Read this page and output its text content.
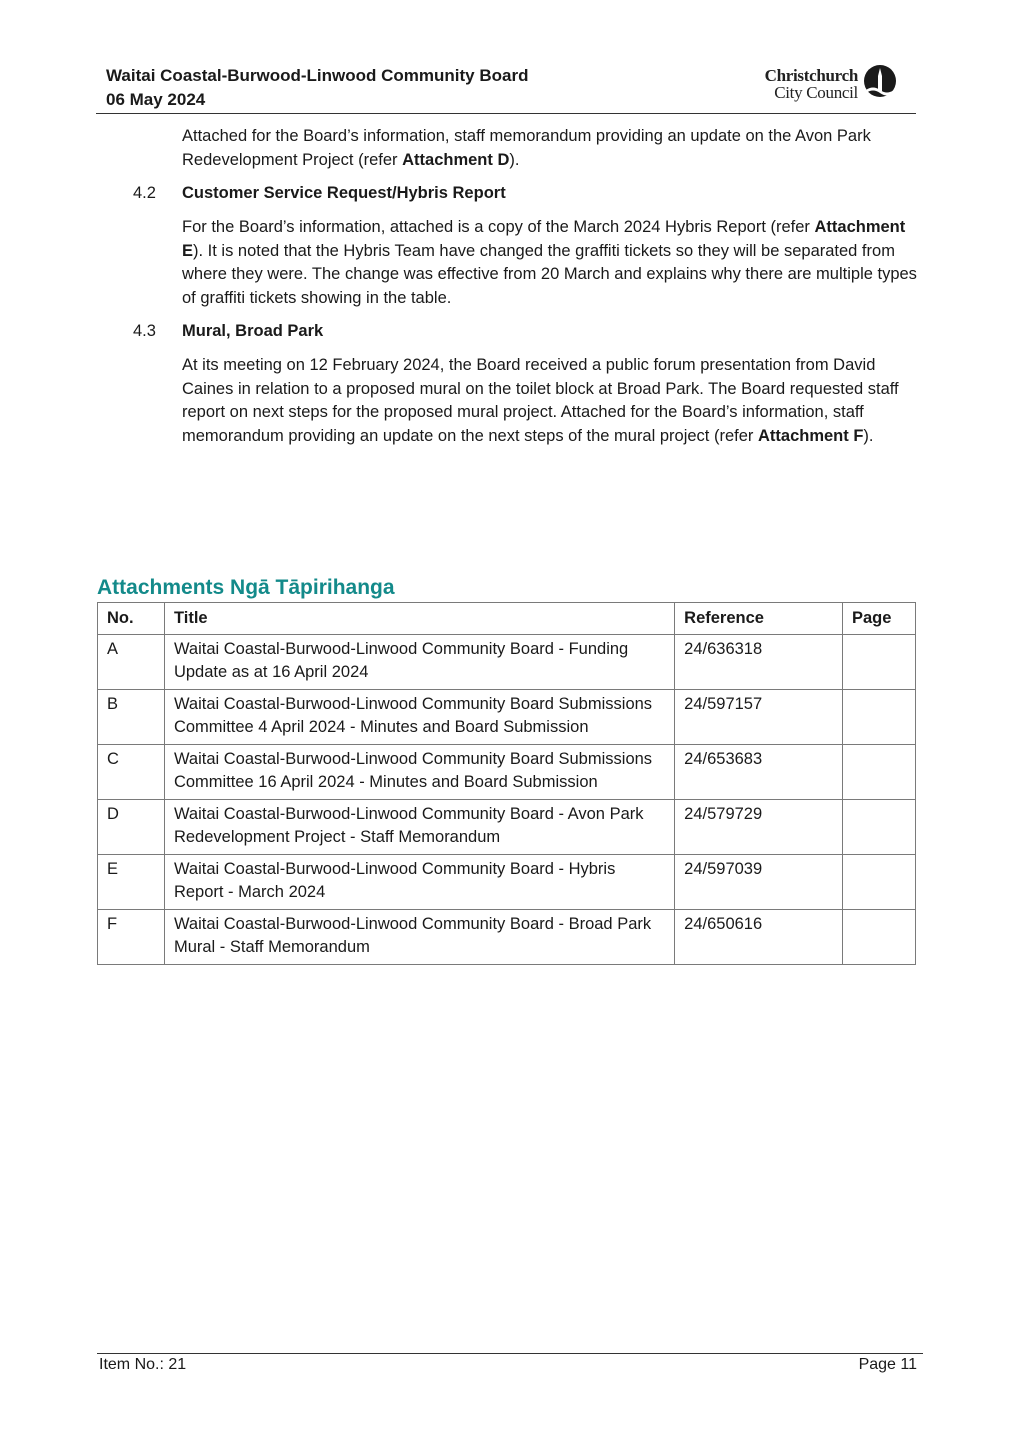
Waitai Coastal-Burwood-Linwood Community Board
06 May 2024
Christchurch
City Council
Attached for the Board’s information, staff memorandum providing an update on the Avon Park Redevelopment Project (refer Attachment D).
4.2 Customer Service Request/Hybris Report
For the Board’s information, attached is a copy of the March 2024 Hybris Report (refer Attachment E). It is noted that the Hybris Team have changed the graffiti tickets so they will be separated from where they were. The change was effective from 20 March and explains why there are multiple types of graffiti tickets showing in the table.
4.3 Mural, Broad Park
At its meeting on 12 February 2024, the Board received a public forum presentation from David Caines in relation to a proposed mural on the toilet block at Broad Park. The Board requested staff report on next steps for the proposed mural project. Attached for the Board’s information, staff memorandum providing an update on the next steps of the mural project (refer Attachment F).
Attachments Ngā Tāpirihanga
No.	Title	Reference	Page
A	Waitai Coastal-Burwood-Linwood Community Board - Funding Update as at 16 April 2024	24/636318	
B	Waitai Coastal-Burwood-Linwood Community Board Submissions Committee 4 April 2024 - Minutes and Board Submission	24/597157	
C	Waitai Coastal-Burwood-Linwood Community Board Submissions Committee 16 April 2024 - Minutes and Board Submission	24/653683	
D	Waitai Coastal-Burwood-Linwood Community Board - Avon Park Redevelopment Project - Staff Memorandum	24/579729	
E	Waitai Coastal-Burwood-Linwood Community Board - Hybris Report - March 2024	24/597039	
F	Waitai Coastal-Burwood-Linwood Community Board - Broad Park Mural - Staff Memorandum	24/650616	
Item No.: 21	Page 11
